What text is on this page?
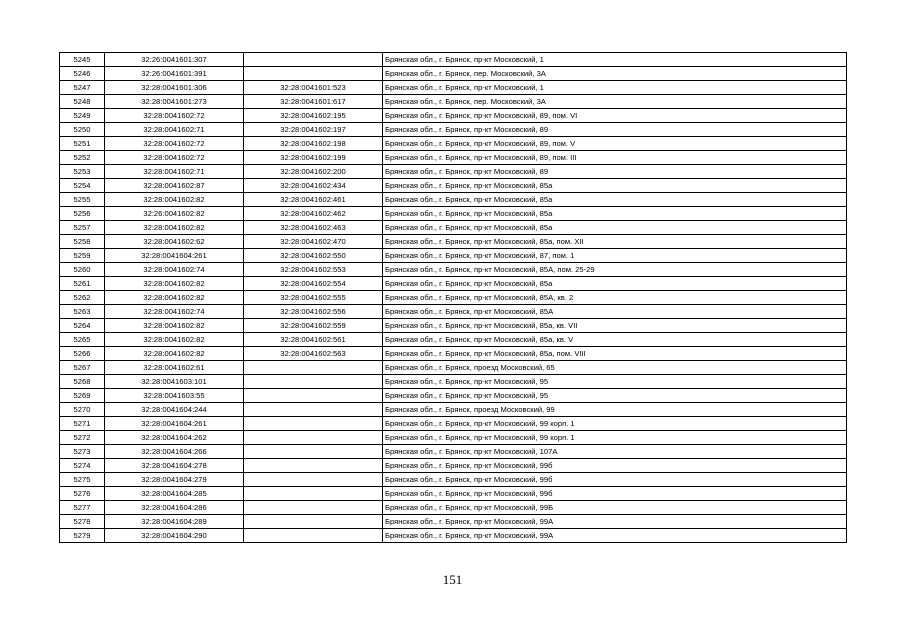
5245	32:26:0041601:307		Брянская обл., г. Брянск, пр-кт Московский, 1
5246	32:26:0041601:391		Брянская обл., г. Брянск, пер. Московский, 3А
5247	32:28:0041601:306	32:28:0041601:523	Брянская обл., г. Брянск, пр-кт Московский, 1
5248	32:28:0041601:273	32:28:0041601:617	Брянская обл., г. Брянск, пер. Московский, 3А
5249	32:28:0041602:72	32:28:0041602:195	Брянская обл., г. Брянск, пр-кт Московский, 89, пом. VI
5250	32:28:0041602:71	32:28:0041602:197	Брянская обл., г. Брянск, пр-кт Московский, 89
5251	32:28:0041602:72	32:28:0041602:198	Брянская обл., г. Брянск, пр-кт Московский, 89, пом. V
5252	32:28:0041602:72	32:28:0041602:199	Брянская обл., г. Брянск, пр-кт Московский, 89, пом. III
5253	32:28:0041602:71	32:28:0041602:200	Брянская обл., г. Брянск, пр-кт Московский, 89
5254	32:28:0041602:87	32:28:0041602:434	Брянская обл., г. Брянск, пр-кт Московский, 85а
5255	32:28:0041602:82	32:28:0041602:461	Брянская обл., г. Брянск, пр-кт Московский, 85а
5256	32:26:0041602:82	32:28:0041602:462	Брянская обл., г. Брянск, пр-кт Московский, 85а
5257	32:28:0041602:82	32:28:0041602:463	Брянская обл., г. Брянск, пр-кт Московский, 85а
5258	32:28:0041602:62	32:28:0041602:470	Брянская обл., г. Брянск, пр-кт Московский, 85а, пом. XII
5259	32:28:0041604:261	32:28:0041602:550	Брянская обл., г. Брянск, пр-кт Московский, 87, пом. 1
5260	32:28:0041602:74	32:28:0041602:553	Брянская обл., г. Брянск, пр-кт Московский, 85А, пом. 25-29
5261	32:28:0041602:82	32:28:0041602:554	Брянская обл., г. Брянск, пр-кт Московский, 85а
5262	32:28:0041602:82	32:28:0041602:555	Брянская обл., г. Брянск, пр-кт Московский, 85А, кв. 2
5263	32:28:0041602:74	32:28:0041602:556	Брянская обл., г. Брянск, пр-кт Московский, 85А
5264	32:28:0041602:82	32:28:0041602:559	Брянская обл., г. Брянск, пр-кт Московский, 85а, кв. VII
5265	32:28:0041602:82	32:28:0041602:561	Брянская обл., г. Брянск, пр-кт Московский, 85а, кв. V
5266	32:28:0041602:82	32:28:0041602:563	Брянская обл., г. Брянск, пр-кт Московский, 85а, пом. VIII
5267	32:28:0041602:61		Брянская обл., г. Брянск, проезд Московский, 65
5268	32:28:0041603:101		Брянская обл., г. Брянск, пр-кт Московский, 95
5269	32:28:0041603:55		Брянская обл., г. Брянск, пр-кт Московский, 95
5270	32:28:0041604:244		Брянская обл., г. Брянск, проезд Московский, 99
5271	32:28:0041604:261		Брянская обл., г. Брянск, пр-кт Московский, 99 корп. 1
5272	32:28:0041604:262		Брянская обл., г. Брянск, пр-кт Московский, 99 корп. 1
5273	32:28:0041604:266		Брянская обл., г. Брянск, пр-кт Московский, 107А
5274	32:28:0041604:278		Брянская обл., г. Брянск, пр-кт Московский, 99б
5275	32:28:0041604:279		Брянская обл., г. Брянск, пр-кт Московский, 99б
5276	32:28:0041604:285		Брянская обл., г. Брянск, пр-кт Московский, 99б
5277	32:28:0041604:286		Брянская обл., г. Брянск, пр-кт Московский, 99Б
5278	32:28:0041604:289		Брянская обл., г. Брянск, пр-кт Московский, 99А
5279	32:28:0041604:290		Брянская обл., г. Брянск, пр-кт Московский, 99А
151
